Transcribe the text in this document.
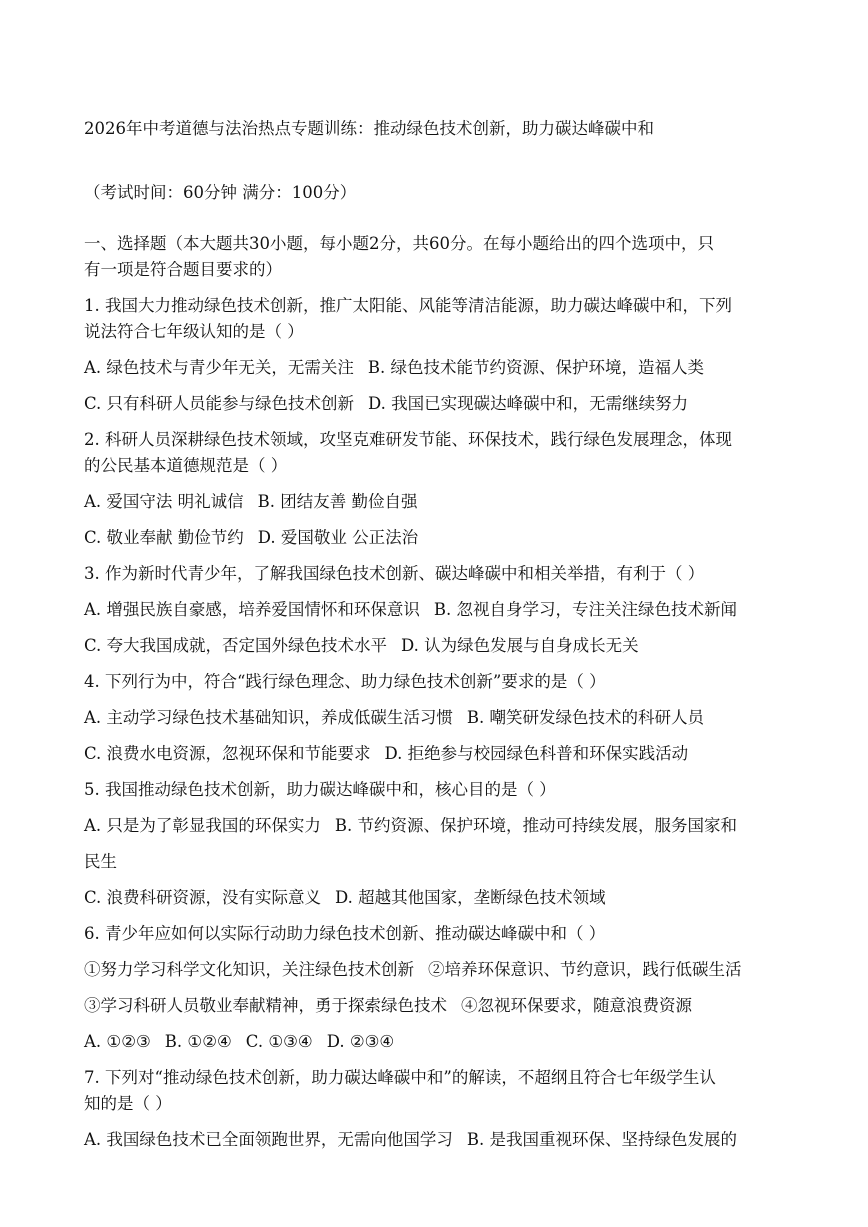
2026年中考道德与法治热点专题训练：推动绿色技术创新，助力碳达峰碳中和
（考试时间：60分钟 满分：100分）
一、选择题（本大题共30小题，每小题2分，共60分。在每小题给出的四个选项中，只
有一项是符合题目要求的）
1. 我国大力推动绿色技术创新，推广太阳能、风能等清洁能源，助力碳达峰碳中和，下列
说法符合七年级认知的是（ ）
A. 绿色技术与青少年无关，无需关注 B. 绿色技术能节约资源、保护环境，造福人类
C. 只有科研人员能参与绿色技术创新 D. 我国已实现碳达峰碳中和，无需继续努力
2. 科研人员深耕绿色技术领域，攻坚克难研发节能、环保技术，践行绿色发展理念，体现
的公民基本道德规范是（ ）
A. 爱国守法 明礼诚信 B. 团结友善 勤俭自强
C. 敬业奉献 勤俭节约 D. 爱国敬业 公正法治
3. 作为新时代青少年，了解我国绿色技术创新、碳达峰碳中和相关举措，有利于（ ）
A. 增强民族自豪感，培养爱国情怀和环保意识 B. 忽视自身学习，专注关注绿色技术新闻
C. 夸大我国成就，否定国外绿色技术水平 D. 认为绿色发展与自身成长无关
4. 下列行为中，符合“践行绿色理念、助力绿色技术创新”要求的是（ ）
A. 主动学习绿色技术基础知识，养成低碳生活习惯 B. 嘲笑研发绿色技术的科研人员
C. 浪费水电资源，忽视环保和节能要求 D. 拒绝参与校园绿色科普和环保实践活动
5. 我国推动绿色技术创新，助力碳达峰碳中和，核心目的是（ ）
A. 只是为了彰显我国的环保实力 B. 节约资源、保护环境，推动可持续发展，服务国家和
民生
C. 浪费科研资源，没有实际意义 D. 超越其他国家，垄断绿色技术领域
6. 青少年应如何以实际行动助力绿色技术创新、推动碳达峰碳中和（ ）
①努力学习科学文化知识，关注绿色技术创新 ②培养环保意识、节约意识，践行低碳生活
③学习科研人员敬业奉献精神，勇于探索绿色技术 ④忽视环保要求，随意浪费资源
A. ①②③ B. ①②④ C. ①③④ D. ②③④
7. 下列对“推动绿色技术创新，助力碳达峰碳中和”的解读，不超纲且符合七年级学生认
知的是（ ）
A. 我国绿色技术已全面领跑世界，无需向他国学习 B. 是我国重视环保、坚持绿色发展的
